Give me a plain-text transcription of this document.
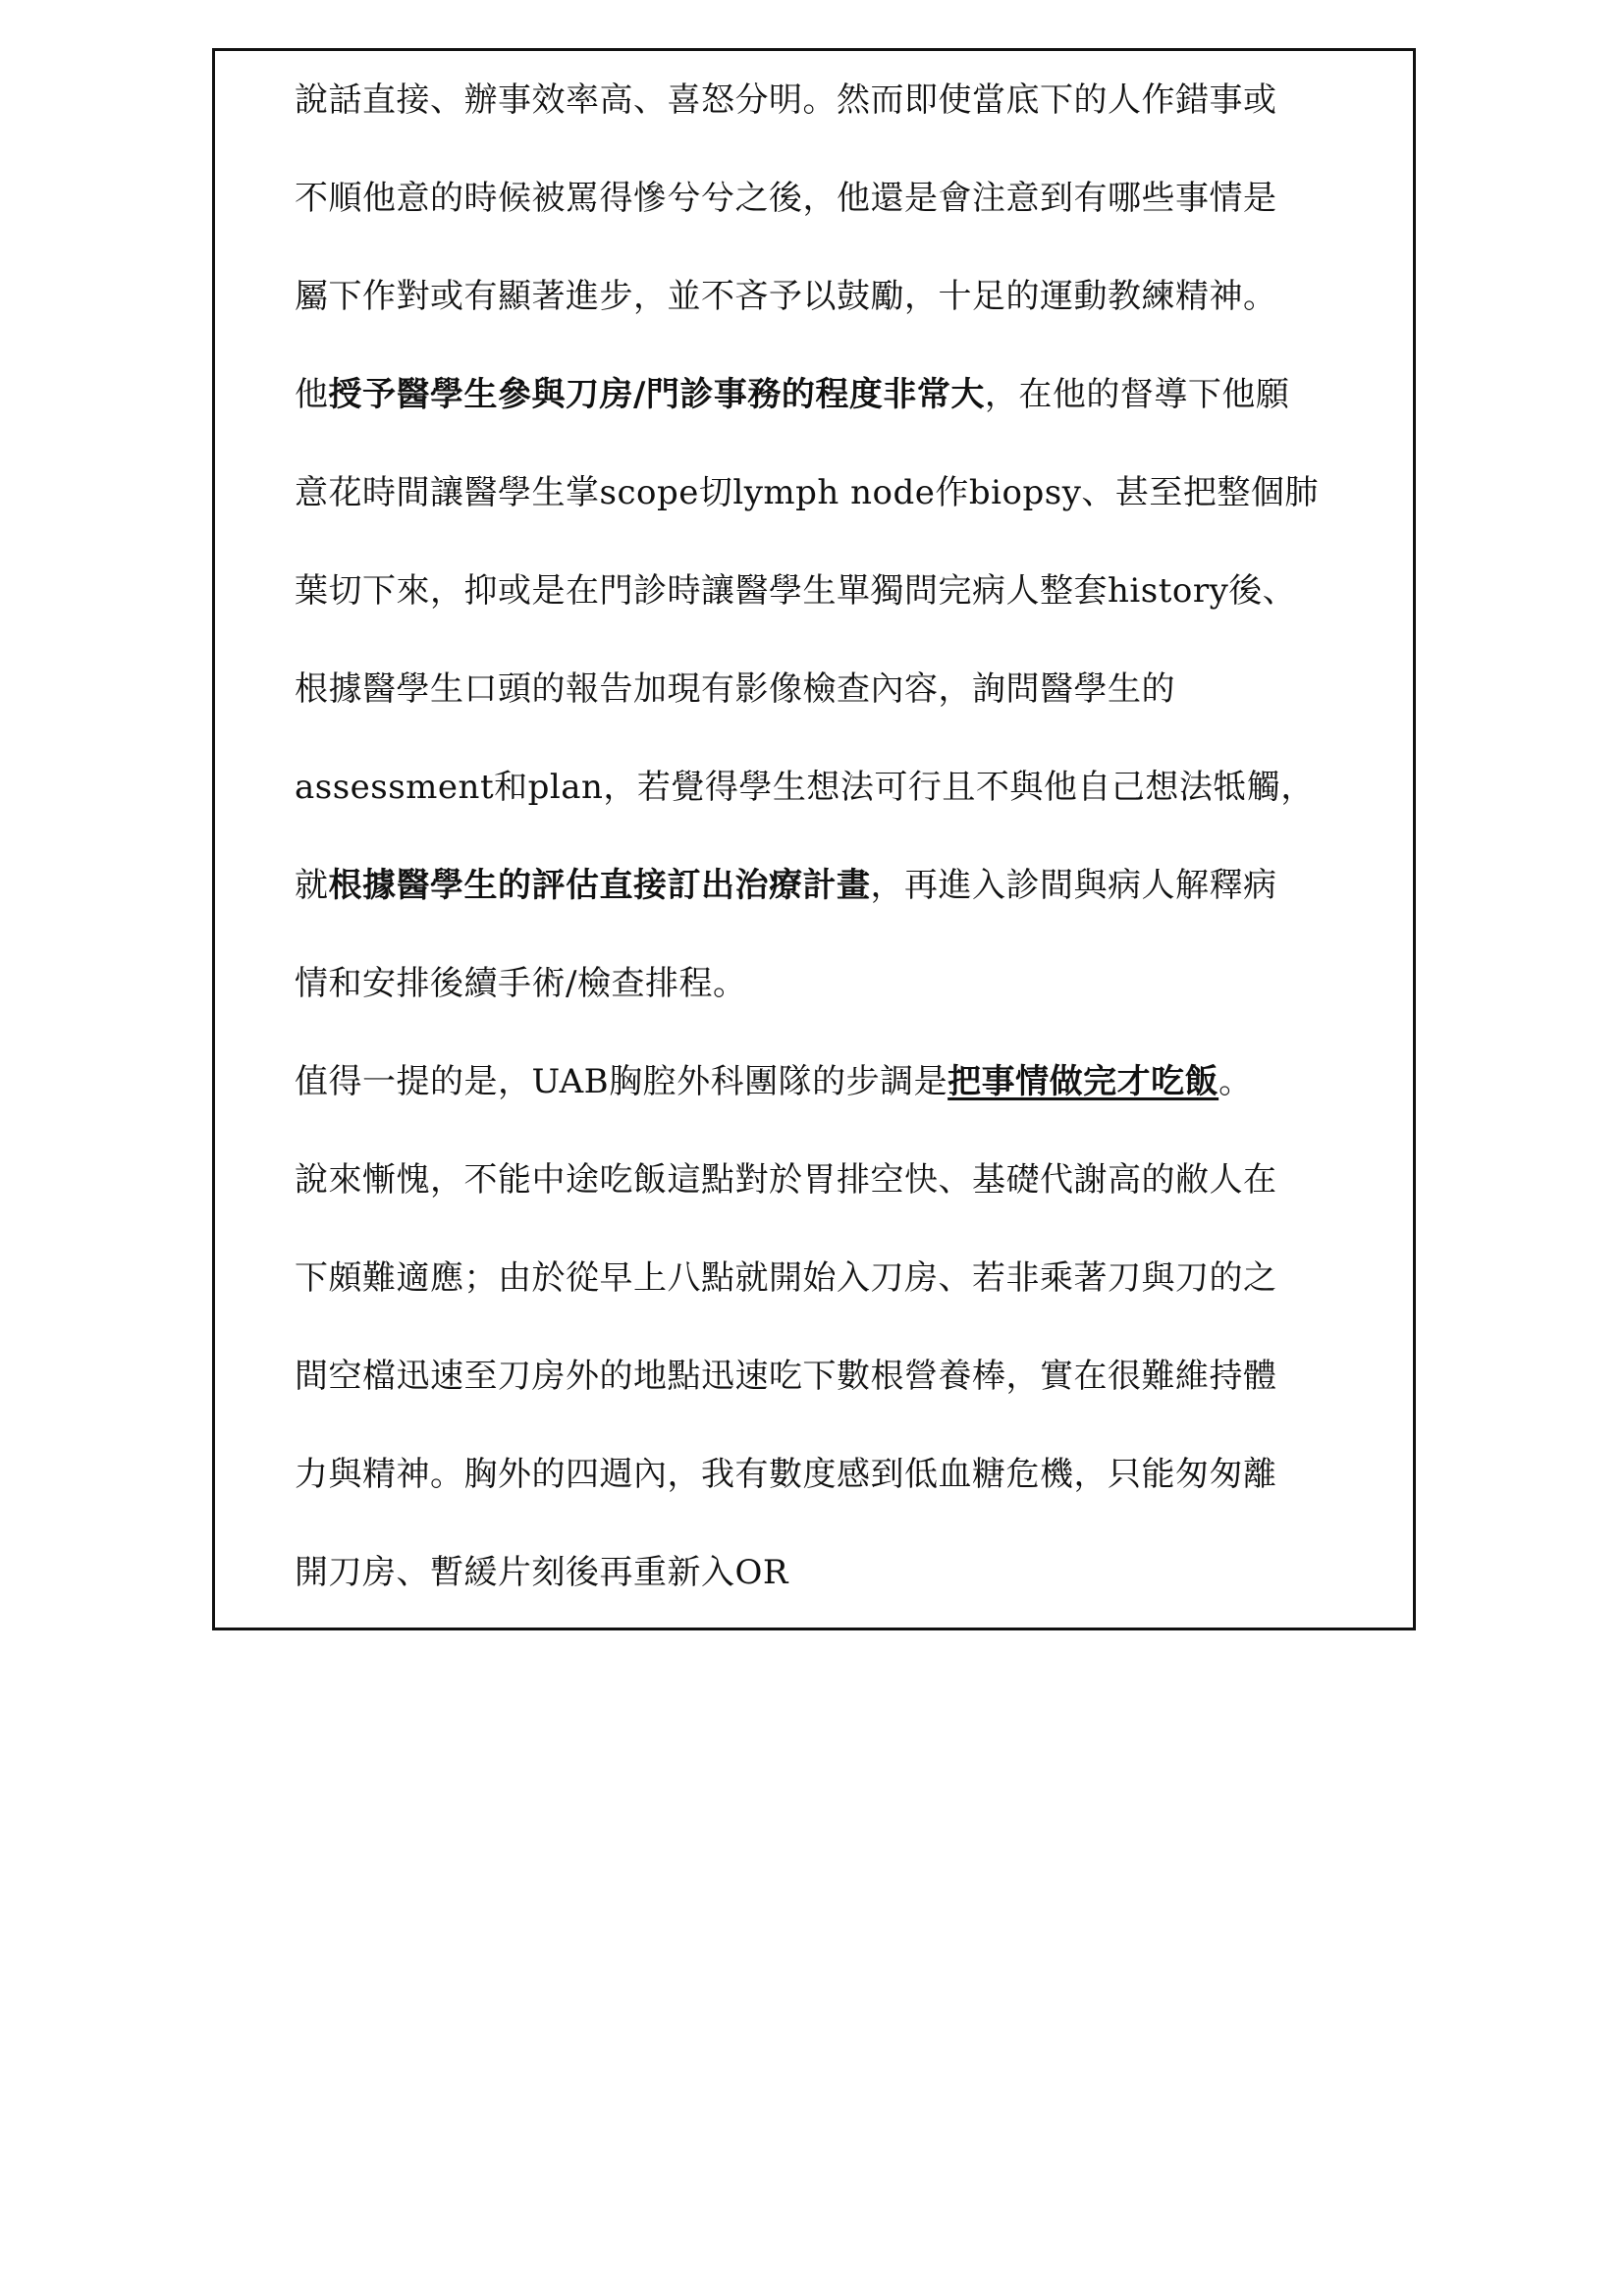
說話直接、辦事效率高、喜怒分明。然而即使當底下的人作錯事或
不順他意的時候被罵得慘兮兮之後，他還是會注意到有哪些事情是
屬下作對或有顯著進步，並不吝予以鼓勵，十足的運動教練精神。
他授予醫學生參與刀房/門診事務的程度非常大，在他的督導下他願
意花時間讓醫學生掌scope切lymph node作biopsy、甚至把整個肺
葉切下來，抑或是在門診時讓醫學生單獨問完病人整套history後、
根據醫學生口頭的報告加現有影像檢查內容，詢問醫學生的
assessment和plan，若覺得學生想法可行且不與他自己想法牴觸，
就根據醫學生的評估直接訂出治療計畫，再進入診間與病人解釋病
情和安排後續手術/檢查排程。
值得一提的是，UAB胸腔外科團隊的步調是把事情做完才吃飯。
說來慚愧，不能中途吃飯這點對於胃排空快、基礎代謝高的敝人在
下頗難適應；由於從早上八點就開始入刀房、若非乘著刀與刀的之
間空檔迅速至刀房外的地點迅速吃下數根營養棒，實在很難維持體
力與精神。胸外的四週內，我有數度感到低血糖危機，只能匆匆離
開刀房、暫緩片刻後再重新入OR
